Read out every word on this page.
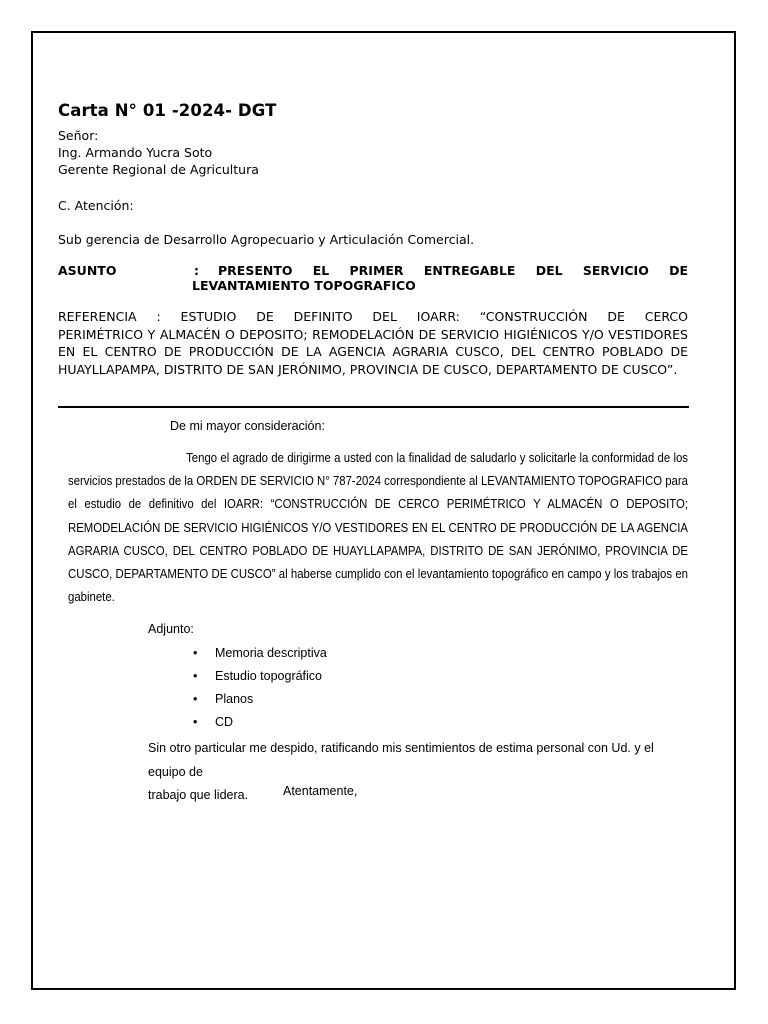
Carta N° 01 -2024- DGT
Señor:
Ing. Armando Yucra Soto
Gerente Regional de Agricultura
C. Atención:
Sub gerencia de Desarrollo Agropecuario y Articulación Comercial.
ASUNTO	: PRESENTO EL PRIMER ENTREGABLE DEL SERVICIO DE
LEVANTAMIENTO TOPOGRAFICO
REFERENCIA : ESTUDIO DE DEFINITO DEL IOARR: “CONSTRUCCIÓN DE CERCO
PERIMÉTRICO Y ALMACÉN O DEPOSITO; REMODELACIÓN DE SERVICIO HIGIÉNICOS Y/O VESTIDORES
EN EL CENTRO DE PRODUCCIÓN DE LA AGENCIA AGRARIA CUSCO, DEL CENTRO POBLADO DE
HUAYLLAPAMPA, DISTRITO DE SAN JERÓNIMO, PROVINCIA DE CUSCO, DEPARTAMENTO DE CUSCO”.
De mi mayor consideración:
Tengo el agrado de dirigirme a usted con la finalidad de saludarlo y solicitarle la conformidad de los
servicios prestados de la ORDEN DE SERVICIO N° 787-2024 correspondiente al LEVANTAMIENTO TOPOGRAFICO para
el estudio de definitivo del IOARR: “CONSTRUCCIÓN DE CERCO PERIMÉTRICO Y ALMACÉN O DEPOSITO;
REMODELACIÓN DE SERVICIO HIGIÉNICOS Y/O VESTIDORES EN EL CENTRO DE PRODUCCIÓN DE LA AGENCIA
AGRARIA CUSCO, DEL CENTRO POBLADO DE HUAYLLAPAMPA, DISTRITO DE SAN JERÓNIMO, PROVINCIA DE
CUSCO, DEPARTAMENTO DE CUSCO” al haberse cumplido con el levantamiento topográfico en campo y los trabajos en
gabinete.
Adjunto:
• Memoria descriptiva
• Estudio topográfico
• Planos
• CD
Sin otro particular me despido, ratificando mis sentimientos de estima personal con Ud. y el equipo de
trabajo que lidera.	Atentamente,
